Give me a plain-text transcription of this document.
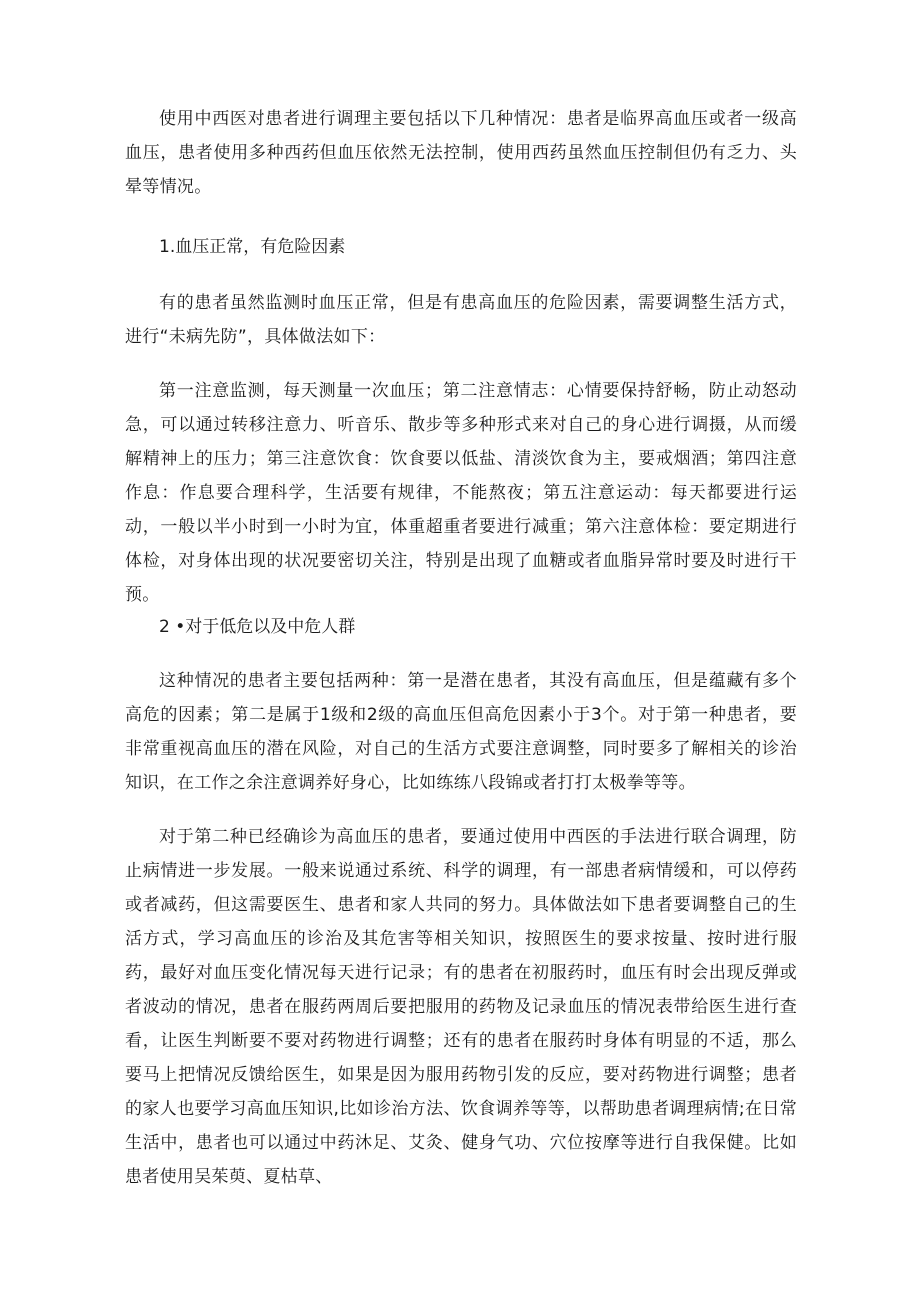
使用中西医对患者进行调理主要包括以下几种情况：患者是临界高血压或者一级高血压，患者使用多种西药但血压依然无法控制，使用西药虽然血压控制但仍有乏力、头晕等情况。

1.血压正常，有危险因素

有的患者虽然监测时血压正常，但是有患高血压的危险因素，需要调整生活方式，进行“未病先防”，具体做法如下：

第一注意监测，每天测量一次血压；第二注意情志：心情要保持舒畅，防止动怒动急，可以通过转移注意力、听音乐、散步等多种形式来对自己的身心进行调摄，从而缓解精神上的压力；第三注意饮食：饮食要以低盐、清淡饮食为主，要戒烟酒；第四注意作息：作息要合理科学，生活要有规律，不能熬夜；第五注意运动：每天都要进行运动，一般以半小时到一小时为宜，体重超重者要进行减重；第六注意体检：要定期进行体检，对身体出现的状况要密切关注，特别是出现了血糖或者血脂异常时要及时进行干预。

2 •对于低危以及中危人群

这种情况的患者主要包括两种：第一是潜在患者，其没有高血压，但是蕴藏有多个高危的因素；第二是属于1级和2级的高血压但高危因素小于3个。对于第一种患者，要非常重视高血压的潜在风险，对自己的生活方式要注意调整，同时要多了解相关的诊治知识，在工作之余注意调养好身心，比如练练八段锦或者打打太极拳等等。

对于第二种已经确诊为高血压的患者，要通过使用中西医的手法进行联合调理，防止病情进一步发展。一般来说通过系统、科学的调理，有一部患者病情缓和，可以停药或者减药，但这需要医生、患者和家人共同的努力。具体做法如下患者要调整自己的生活方式，学习高血压的诊治及其危害等相关知识，按照医生的要求按量、按时进行服药，最好对血压变化情况每天进行记录；有的患者在初服药时，血压有时会出现反弹或者波动的情况，患者在服药两周后要把服用的药物及记录血压的情况表带给医生进行查看，让医生判断要不要对药物进行调整；还有的患者在服药时身体有明显的不适，那么要马上把情况反馈给医生，如果是因为服用药物引发的反应，要对药物进行调整；患者的家人也要学习高血压知识,比如诊治方法、饮食调养等等，以帮助患者调理病情;在日常生活中，患者也可以通过中药沐足、艾灸、健身气功、穴位按摩等进行自我保健。比如患者使用吴茱萸、夏枯草、
